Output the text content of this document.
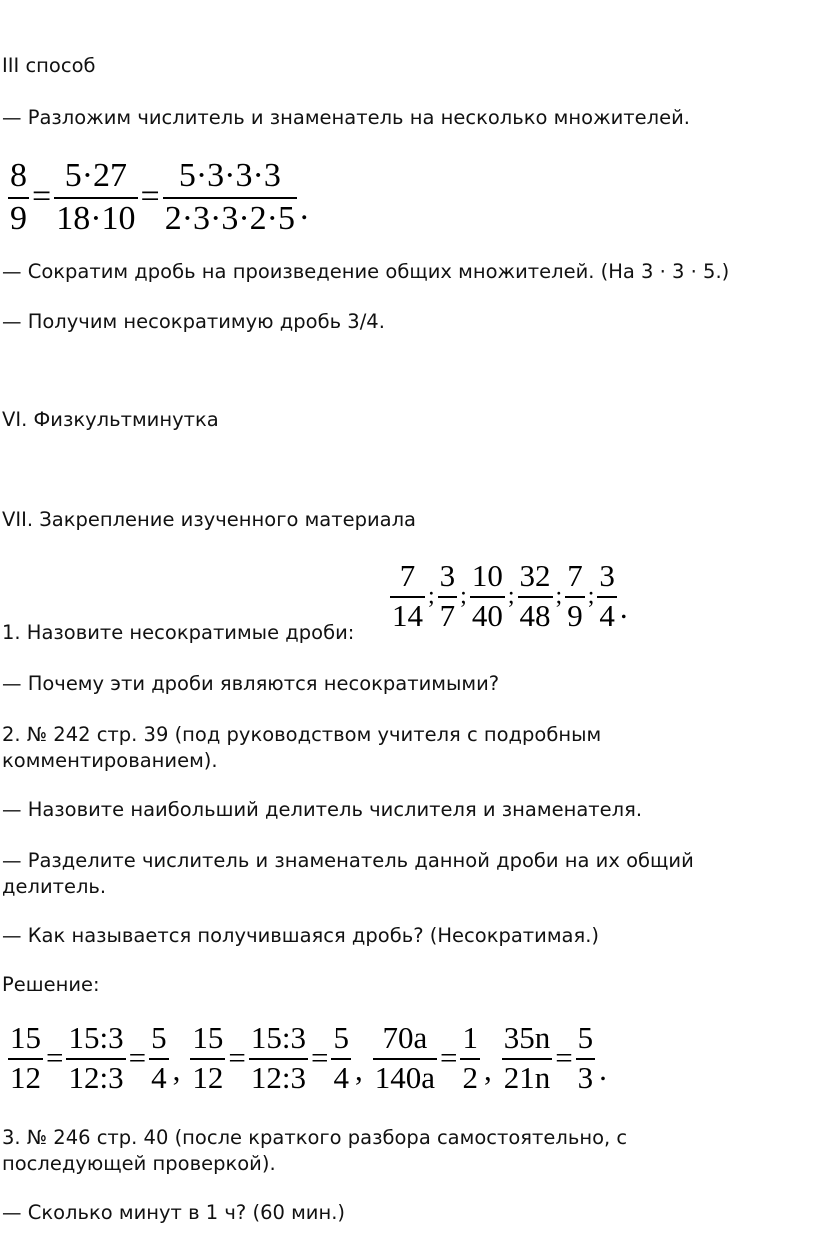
III способ

— Разложим числитель и знаменатель на несколько множителей.

$\frac{8}{9} = \frac{5\cdot 27}{18\cdot 10} = \frac{5\cdot 3\cdot 3\cdot 3}{2\cdot 3\cdot 3\cdot 2\cdot 5}$ .

— Сократим дробь на произведение общих множителей. (На 3 · 3 · 5.)

— Получим несократимую дробь 3/4.

VI. Физкультминутка

VII. Закрепление изученного материала

$\frac{7}{14}$ ; $\frac{3}{7}$ ; $\frac{10}{40}$ ; $\frac{32}{48}$ ; $\frac{7}{9}$ ; $\frac{3}{4}$ .

1. Назовите несократимые дроби:

— Почему эти дроби являются несократимыми?

2. № 242 стр. 39 (под руководством учителя с подробным

комментированием).

— Назовите наибольший делитель числителя и знаменателя.

— Разделите числитель и знаменатель данной дроби на их общий

делитель.

— Как называется получившаяся дробь? (Несократимая.)

Решение:

$\frac{15}{12} = \frac{15:3}{12:3} = \frac{5}{4}$ , $\frac{15}{12} = \frac{15:3}{12:3} = \frac{5}{4}$ , $\frac{70a}{140a} = \frac{1}{2}$ , $\frac{35n}{21n} = \frac{5}{3}$ .

3. № 246 стр. 40 (после краткого разбора самостоятельно, с

последующей проверкой).

— Сколько минут в 1 ч? (60 мин.)
